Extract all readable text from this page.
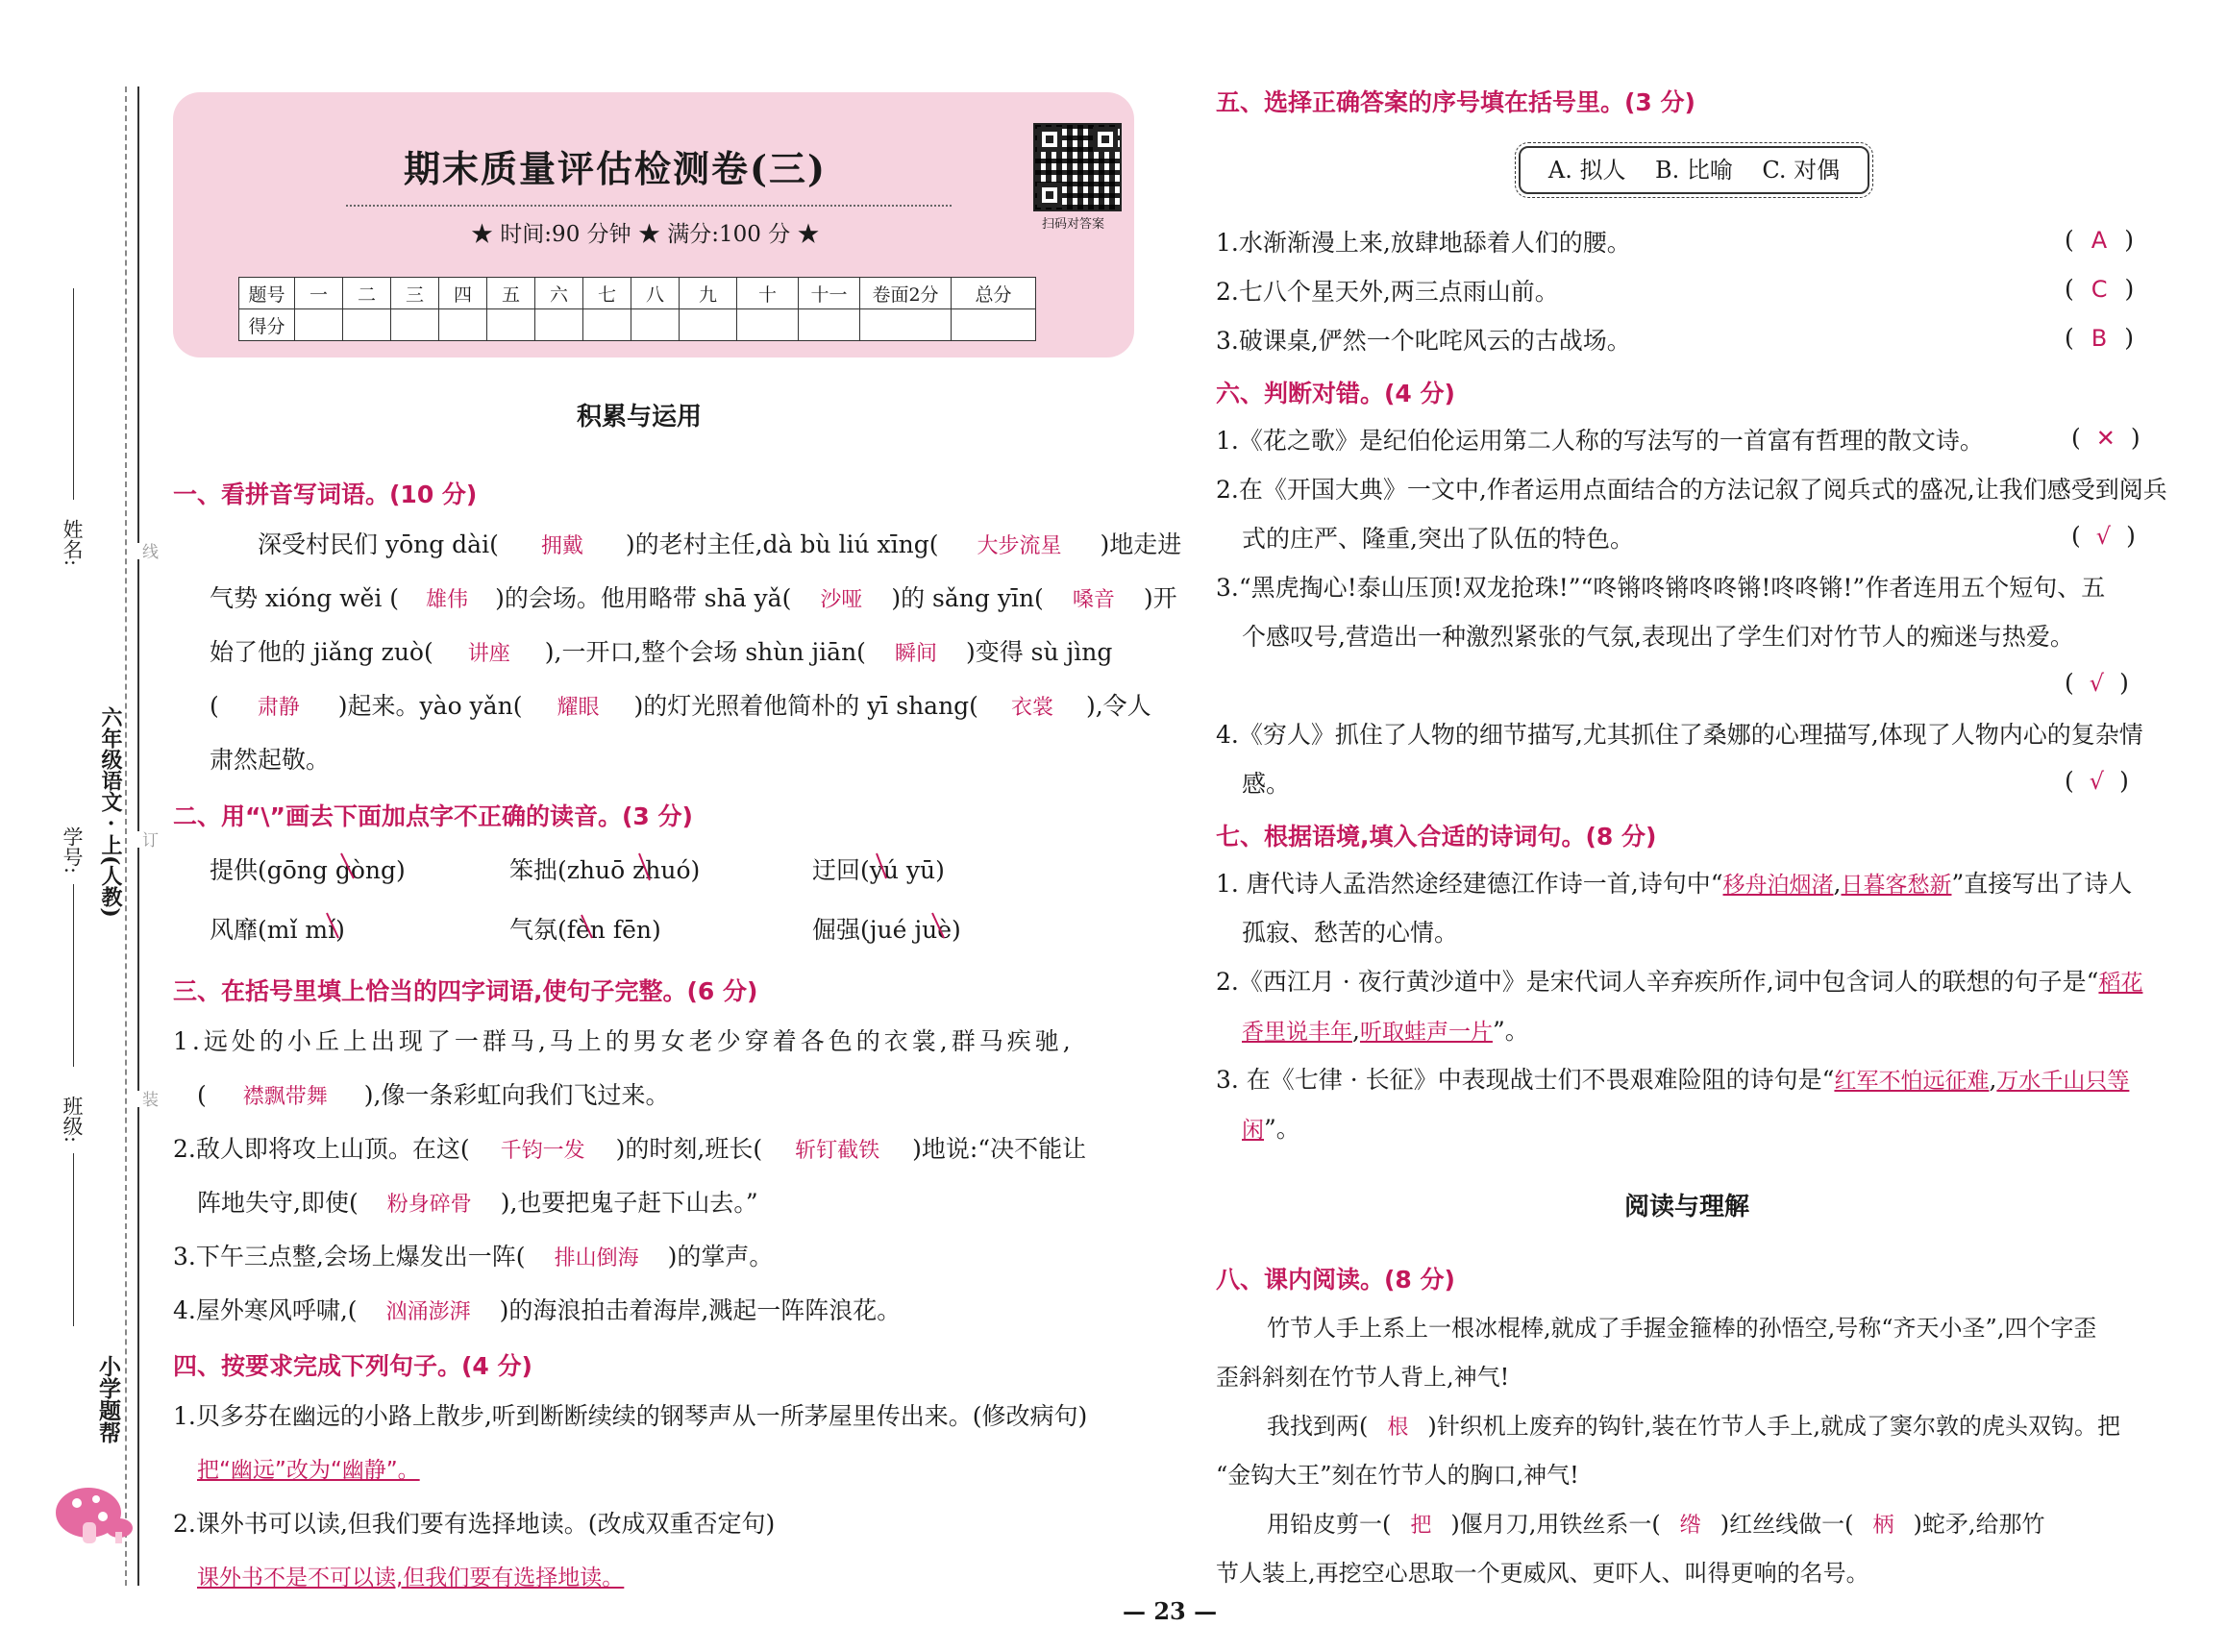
姓名:
学号:
班级:
六年级语文 · 上(人教)
线
订
装
小学题帮
期末质量评估检测卷(三)
★ 时间:90 分钟 ★ 满分:100 分 ★	扫码对答案
题号	一	二	三	四	五	六	七	八	九	十	十一	卷面2分	总分
得分													
积累与运用
一、看拼音写词语。(10 分)
深受村民们 yōng dài( 拥戴 )的老村主任,dà bù liú xīng( 大步流星 )地走进
气势 xióng wěi ( 雄伟 )的会场。他用略带 shā yǎ( 沙哑 )的 sǎng yīn( 嗓音 )开
始了他的 jiǎng zuò( 讲座 ),一开口,整个会场 shùn jiān( 瞬间 )变得 sù jìng
( 肃静 )起来。yào yǎn( 耀眼 )的灯光照着他简朴的 yī shang( 衣裳 ),令人
肃然起敬。
二、用“\”画去下面加点字不正确的读音。(3 分)
提供(gōng gòng)	笨拙(zhuō zhuó)	迂回(yú yū)
风靡(mǐ mí)	气氛(fèn fēn)	倔强(jué juè)
三、在括号里填上恰当的四字词语,使句子完整。(6 分)
1.远处的小丘上出现了一群马,马上的男女老少穿着各色的衣裳,群马疾驰,
( 襟飘带舞 ),像一条彩虹向我们飞过来。
2.敌人即将攻上山顶。在这( 千钧一发 )的时刻,班长( 斩钉截铁 )地说:“决不能让
阵地失守,即使( 粉身碎骨 ),也要把鬼子赶下山去。”
3.下午三点整,会场上爆发出一阵( 排山倒海 )的掌声。
4.屋外寒风呼啸,( 汹涌澎湃 )的海浪拍击着海岸,溅起一阵阵浪花。
四、按要求完成下列句子。(4 分)
1.贝多芬在幽远的小路上散步,听到断断续续的钢琴声从一所茅屋里传出来。(修改病句)
把“幽远”改为“幽静”。
2.课外书可以读,但我们要有选择地读。(改成双重否定句)
课外书不是不可以读,但我们要有选择地读。
五、选择正确答案的序号填在括号里。(3 分)
A. 拟人    B. 比喻    C. 对偶
1.水渐渐漫上来,放肆地舔着人们的腰。	( A )
2.七八个星天外,两三点雨山前。	( C )
3.破课桌,俨然一个叱咤风云的古战场。	( B )
六、判断对错。(4 分)
1.《花之歌》是纪伯伦运用第二人称的写法写的一首富有哲理的散文诗。	( ✕ )
2.在《开国大典》一文中,作者运用点面结合的方法记叙了阅兵式的盛况,让我们感受到阅兵
式的庄严、隆重,突出了队伍的特色。	( √ )
3.“黑虎掏心!泰山压顶!双龙抢珠!”“咚锵咚锵咚咚锵!咚咚锵!”作者连用五个短句、五
个感叹号,营造出一种激烈紧张的气氛,表现出了学生们对竹节人的痴迷与热爱。
( √ )
4.《穷人》抓住了人物的细节描写,尤其抓住了桑娜的心理描写,体现了人物内心的复杂情
感。	( √ )
七、根据语境,填入合适的诗词句。(8 分)
1. 唐代诗人孟浩然途经建德江作诗一首,诗句中“移舟泊烟渚,日暮客愁新”直接写出了诗人
孤寂、愁苦的心情。
2.《西江月 · 夜行黄沙道中》是宋代词人辛弃疾所作,词中包含词人的联想的句子是“稻花
香里说丰年,听取蛙声一片”。
3. 在《七律 · 长征》中表现战士们不畏艰难险阻的诗句是“红军不怕远征难,万水千山只等
闲”。
阅读与理解
八、课内阅读。(8 分)
竹节人手上系上一根冰棍棒,就成了手握金箍棒的孙悟空,号称“齐天小圣”,四个字歪
歪斜斜刻在竹节人背上,神气!
我找到两( 根 )针织机上废弃的钩针,装在竹节人手上,就成了窦尔敦的虎头双钩。把
“金钩大王”刻在竹节人的胸口,神气!
用铅皮剪一( 把 )偃月刀,用铁丝系一( 绺 )红丝线做一( 柄 )蛇矛,给那竹
节人装上,再挖空心思取一个更威风、更吓人、叫得更响的名号。
— 23 —
